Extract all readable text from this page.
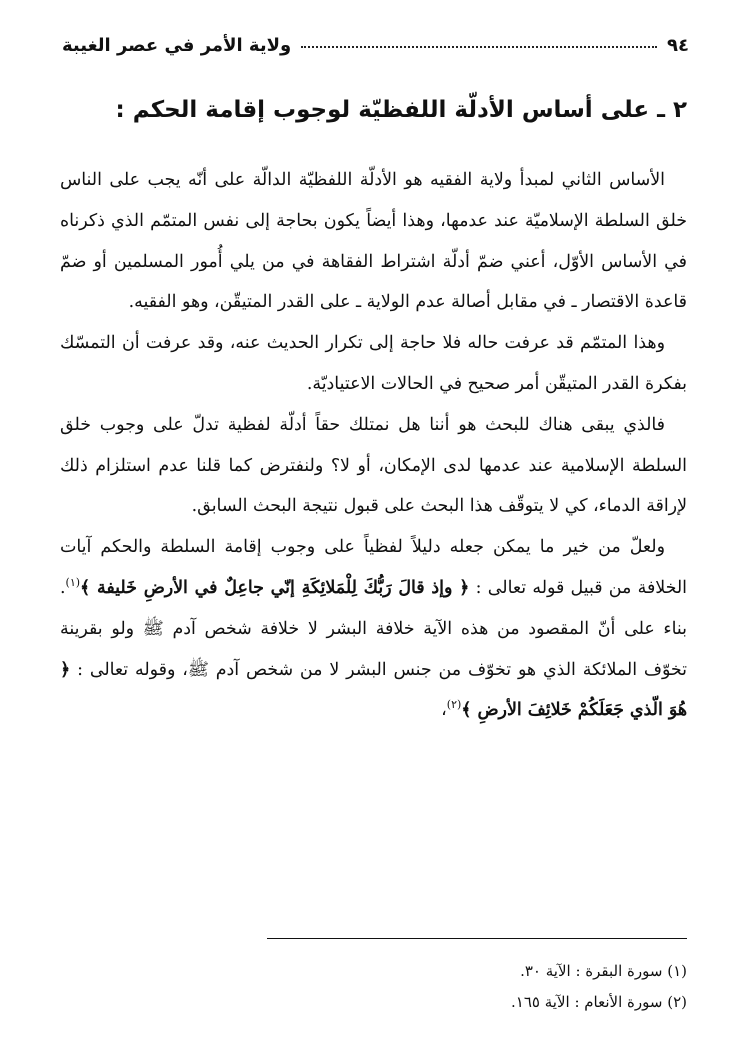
٩٤
ولاية الأمر في عصر الغيبة
٢ ـ على أساس الأدلّة اللفظيّة لوجوب إقامة الحكم :

الأساس الثاني لمبدأ ولاية الفقيه هو الأدلّة اللفظيّة الدالّة على أنّه يجب على الناس خلق السلطة الإسلاميّة عند عدمها، وهذا أيضاً يكون بحاجة إلى نفس المتمّم الذي ذكرناه في الأساس الأوّل، أعني ضمّ أدلّة اشتراط الفقاهة في من يلي أُمور المسلمين أو ضمّ قاعدة الاقتصار ـ في مقابل أصالة عدم الولاية ـ على القدر المتيقّن، وهو الفقيه.

وهذا المتمّم قد عرفت حاله فلا حاجة إلى تكرار الحديث عنه، وقد عرفت أن التمسّك بفكرة القدر المتيقّن أمر صحيح في الحالات الاعتياديّة.

فالذي يبقى هناك للبحث هو أننا هل نمتلك حقاً أدلّة لفظية تدلّ على وجوب خلق السلطة الإسلامية عند عدمها لدى الإمكان، أو لا؟ ولنفترض كما قلنا عدم استلزام ذلك لإراقة الدماء، كي لا يتوقّف هذا البحث على قبول نتيجة البحث السابق.

ولعلّ من خير ما يمكن جعله دليلاً لفظياً على وجوب إقامة السلطة والحكم آيات الخلافة من قبيل قوله تعالى : ﴿ وإذ قالَ رَبُّكَ لِلْمَلائِكَةِ إنّي جاعِلٌ في الأرضِ خَليفة ﴾$^{(١)}$. بناء على أنّ المقصود من هذه الآية خلافة البشر لا خلافة شخص آدم ﷺ ولو بقرينة تخوّف الملائكة الذي هو تخوّف من جنس البشر لا من شخص آدم ﷺ، وقوله تعالى : ﴿ هُوَ الّذي جَعَلَكُمْ خَلائِفَ الأرضِ ﴾$^{(٢)}$،

(١) سورة البقرة : الآية ٣٠.
(٢) سورة الأنعام : الآية ١٦٥.
